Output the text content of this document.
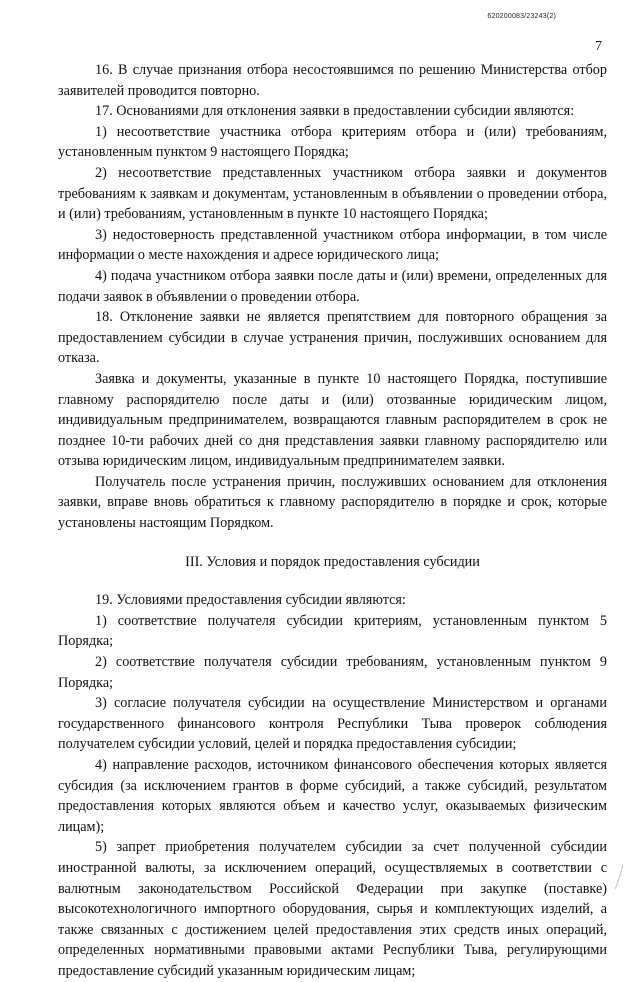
620200083/23243(2)
7

16. В случае признания отбора несостоявшимся по решению Министерства отбор заявителей проводится повторно.

17. Основаниями для отклонения заявки в предоставлении субсидии являются:

1) несоответствие участника отбора критериям отбора и (или) требованиям, установленным пунктом 9 настоящего Порядка;

2) несоответствие представленных участником отбора заявки и документов требованиям к заявкам и документам, установленным в объявлении о проведении отбора, и (или) требованиям, установленным в пункте 10 настоящего Порядка;

3) недостоверность представленной участником отбора информации, в том числе информации о месте нахождения и адресе юридического лица;

4) подача участником отбора заявки после даты и (или) времени, определенных для подачи заявок в объявлении о проведении отбора.

18. Отклонение заявки не является препятствием для повторного обращения за предоставлением субсидии в случае устранения причин, послуживших основанием для отказа.

Заявка и документы, указанные в пункте 10 настоящего Порядка, поступившие главному распорядителю после даты и (или) отозванные юридическим лицом, индивидуальным предпринимателем, возвращаются главным распорядителем в срок не позднее 10-ти рабочих дней со дня представления заявки главному распорядителю или отзыва юридическим лицом, индивидуальным предпринимателем заявки.

Получатель после устранения причин, послуживших основанием для отклонения заявки, вправе вновь обратиться к главному распорядителю в порядке и срок, которые установлены настоящим Порядком.

III. Условия и порядок предоставления субсидии

19. Условиями предоставления субсидии являются:

1) соответствие получателя субсидии критериям, установленным пунктом 5 Порядка;

2) соответствие получателя субсидии требованиям, установленным пунктом 9 Порядка;

3) согласие получателя субсидии на осуществление Министерством и органами государственного финансового контроля Республики Тыва проверок соблюдения получателем субсидии условий, целей и порядка предоставления субсидии;

4) направление расходов, источником финансового обеспечения которых является субсидия (за исключением грантов в форме субсидий, а также субсидий, результатом предоставления которых являются объем и качество услуг, оказываемых физическим лицам);

5) запрет приобретения получателем субсидии за счет полученной субсидии иностранной валюты, за исключением операций, осуществляемых в соответствии с валютным законодательством Российской Федерации при закупке (поставке) высокотехнологичного импортного оборудования, сырья и комплектующих изделий, а также связанных с достижением целей предоставления этих средств иных операций, определенных нормативными правовыми актами Республики Тыва, регулирующими предоставление субсидий указанным юридическим лицам;
